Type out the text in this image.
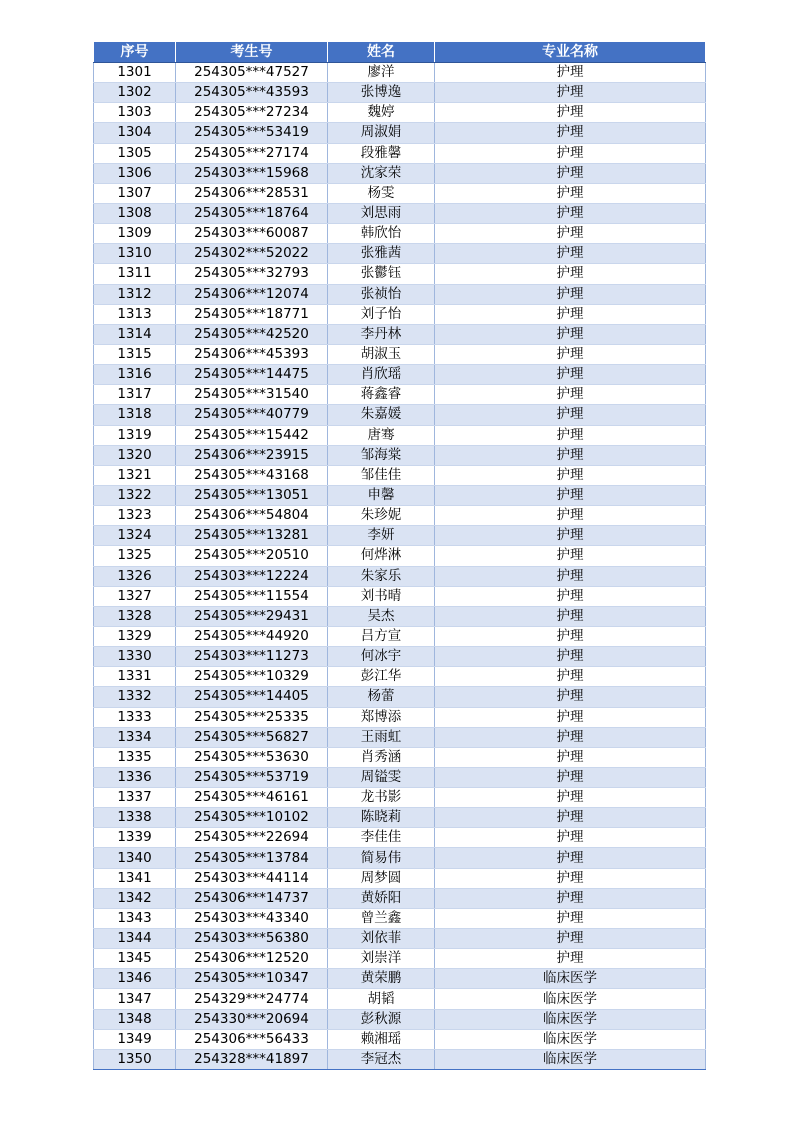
序号	考生号	姓名	专业名称
1301	254305***47527	廖洋	护理
1302	254305***43593	张博逸	护理
1303	254305***27234	魏婷	护理
1304	254305***53419	周淑娟	护理
1305	254305***27174	段雅馨	护理
1306	254303***15968	沈家荣	护理
1307	254306***28531	杨雯	护理
1308	254305***18764	刘思雨	护理
1309	254303***60087	韩欣怡	护理
1310	254302***52022	张雅茜	护理
1311	254305***32793	张鬱钰	护理
1312	254306***12074	张祯怡	护理
1313	254305***18771	刘子怡	护理
1314	254305***42520	李丹林	护理
1315	254306***45393	胡淑玉	护理
1316	254305***14475	肖欣瑶	护理
1317	254305***31540	蒋鑫睿	护理
1318	254305***40779	朱嘉媛	护理
1319	254305***15442	唐骞	护理
1320	254306***23915	邹海棠	护理
1321	254305***43168	邹佳佳	护理
1322	254305***13051	申馨	护理
1323	254306***54804	朱珍妮	护理
1324	254305***13281	李妍	护理
1325	254305***20510	何烨淋	护理
1326	254303***12224	朱家乐	护理
1327	254305***11554	刘书晴	护理
1328	254305***29431	吴杰	护理
1329	254305***44920	吕方宣	护理
1330	254303***11273	何冰宇	护理
1331	254305***10329	彭江华	护理
1332	254305***14405	杨蕾	护理
1333	254305***25335	郑博添	护理
1334	254305***56827	王雨虹	护理
1335	254305***53630	肖秀涵	护理
1336	254305***53719	周镒雯	护理
1337	254305***46161	龙书影	护理
1338	254305***10102	陈晓莉	护理
1339	254305***22694	李佳佳	护理
1340	254305***13784	简易伟	护理
1341	254303***44114	周梦圆	护理
1342	254306***14737	黄娇阳	护理
1343	254303***43340	曾兰鑫	护理
1344	254303***56380	刘依菲	护理
1345	254306***12520	刘崇洋	护理
1346	254305***10347	黄荣鹏	临床医学
1347	254329***24774	胡韬	临床医学
1348	254330***20694	彭秋源	临床医学
1349	254306***56433	赖湘瑶	临床医学
1350	254328***41897	李冠杰	临床医学
